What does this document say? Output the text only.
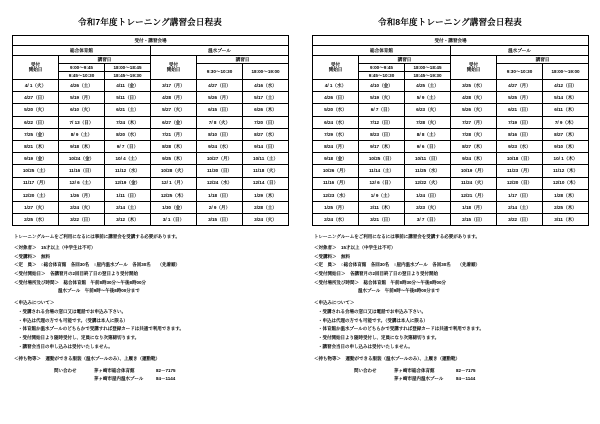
令和7年度トレーニング講習会日程表
受付・講習会場					
総合体育館			温水プール		
受付
開始日	講習日		受付
開始日	講習日	
	9:00～9:45	18:00～18:45		9:30～10:30	18:00～19:00
	9:45～10:30	18:45～19:30			
4/ 1（火）	4/26（土）	4/11（金）	3/17（月）	4/27（日）	4/16（水）
4/27（日）	5/19（月）	5/11（日）	4/28（月）	5/26（月）	5/17（土）
5/20（火）	6/10（火）	6/21（土）	5/27（火）	6/15（日）	6/26（木）
6/22（日）	7/ 13（日）	7/24（木）	6/27（金）	7/ 8（火）	7/20（日）
7/25（金）	8/ 9（土）	8/20（水）	7/21（月）	8/10（日）	8/27（水）
8/21（木）	9/18（木）	9/ 7（日）	8/28（木）	9/24（水）	9/14（日）
9/19（金）	10/24（金）	10/ 4（土）	9/25（木）	10/27（月）	10/11（土）
10/25（土）	11/16（日）	11/12（水）	10/28（火）	11/30（日）	11/18（火）
11/17（月）	12/ 6（土）	12/19（金）	12/ 1（月）	12/24（水）	12/14（日）
12/20（土）	1/26（月）	1/11（日）	12/25（木）	1/18（日）	1/29（木）
1/27（火）	2/24（火）	2/14（土）	1/30（金）	2/ 9（月）	2/28（土）
2/25（水）	3/22（日）	3/12（木）	3/ 1（日）	3/15（日）	3/24（火）
トレーニングルームをご利用になるには事前に講習会を受講する必要があります。
＜対象者＞　15才以上（中学生は不可）
＜受講料＞　無料
＜定　員＞　○総合体育館　各回30名　○屋内温水プール　各回30名　　（先着順）
＜受付開始日＞　各講習月の2回目終了日の翌日より受付開始
＜受付場所及び時間＞　総合体育館　午前8時30分～午後8時00分
温水プール　午前9時～午後8時00分まで
＜申込みについて＞
・受講される会場の窓口又は電話でお申込み下さい。
・申込は代理の方でも可能です。（受講は本人に限る）
・体育館か温水プールのどちらかで受講すれば登録カードは共通で利用できます。
・受付開始日より随時受付し、定員になり次第締切ります。
・講習会当日の申し込みは受付いたしません。
＜持ち物等＞　運動ができる服装（温水プールのみ）、上履き（運動靴）
問い合わせ	茅ヶ崎市総合体育館	82－7175
茅ヶ崎市屋内温水プール	84－1144
令和8年度トレーニング講習会日程表
受付・講習会場					
総合体育館			温水プール		
受付
開始日	講習日		受付
開始日	講習日	
	9:00～9:45	18:00～18:45		9:30～10:30	18:00～19:00
	9:45～10:30	18:45～19:30			
4/ 1（水）	4/10（金）	4/25（土）	3/25（水）	4/27（月）	4/12（日）
4/26（日）	5/19（火）	5/ 9（土）	4/28（火）	5/25（月）	5/14（木）
5/20（水）	6/ 7（日）	6/23（火）	5/26（火）	6/21（日）	6/11（木）
6/24（水）	7/12（日）	7/28（火）	7/27（月）	7/19（日）	7/ 9（木）
7/29（水）	8/23（日）	8/ 8（土）	7/28（火）	8/16（日）	8/27（木）
8/24（月）	9/17（木）	9/ 6（日）	8/27（木）	9/23（水）	9/10（木）
9/18（金）	10/25（日）	10/11（日）	9/24（木）	10/18（日）	10/ 1（木）
10/26（月）	11/14（土）	11/25（水）	10/19（月）	11/23（月）	11/12（木）
11/16（月）	12/ 6（日）	12/22（火）	11/24（火）	12/20（日）	12/10（木）
12/23（水）	1/ 9（土）	1/24（日）	12/21（月）	1/17（日）	1/28（木）
1/25（月）	2/11（木）	2/23（火）	1/18（月）	2/14（土）	2/25（木）
2/24（水）	3/21（日）	3/ 7（日）	2/15（日）	3/22（日）	3/11（木）
トレーニングルームをご利用になるには事前に講習会を受講する必要があります。
＜対象者＞　15才以上（中学生は不可）
＜受講料＞　無料
＜定　員＞　○総合体育館　各回30名　○屋内温水プール　各回30名　　（先着順）
＜受付開始日＞　各講習月の2回目終了日の翌日より受付開始
＜受付場所及び時間＞　総合体育館　午前8時30分～午後8時00分
温水プール　午前9時～午後8時00分まで
＜申込みについて＞
・受講される会場の窓口又は電話でお申込み下さい。
・申込は代理の方でも可能です。（受講は本人に限る）
・体育館か温水プールのどちらかで受講すれば登録カードは共通で利用できます。
・受付開始日より随時受付し、定員になり次第締切ります。
・講習会当日の申し込みは受付いたしません。
＜持ち物等＞　運動ができる服装（温水プールのみ）、上履き（運動靴）
問い合わせ	茅ヶ崎市総合体育館	82－7175
茅ヶ崎市屋内温水プール	84－1144
